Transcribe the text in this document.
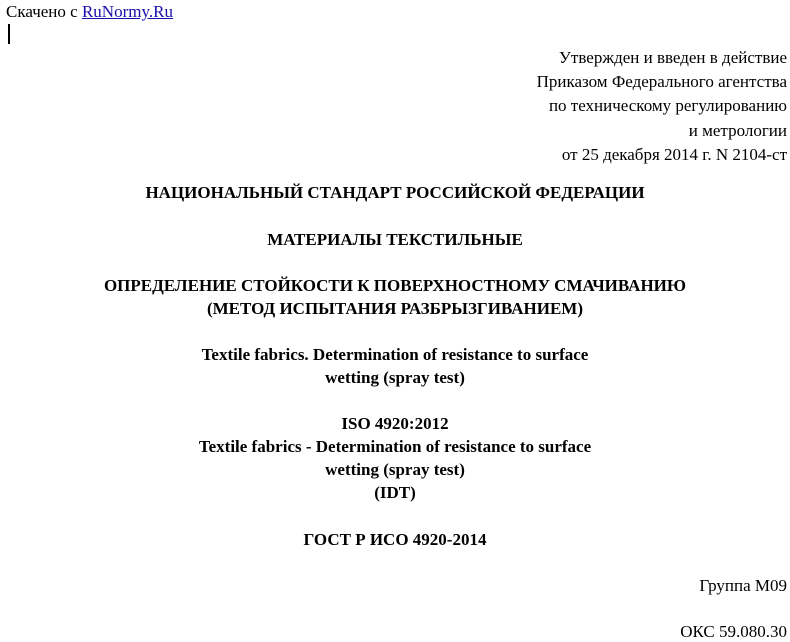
Скачено с RuNormy.Ru
Утвержден и введен в действие
Приказом Федерального агентства
по техническому регулированию
и метрологии
от 25 декабря 2014 г. N 2104-ст
НАЦИОНАЛЬНЫЙ СТАНДАРТ РОССИЙСКОЙ ФЕДЕРАЦИИ
МАТЕРИАЛЫ ТЕКСТИЛЬНЫЕ
ОПРЕДЕЛЕНИЕ СТОЙКОСТИ К ПОВЕРХНОСТНОМУ СМАЧИВАНИЮ
(МЕТОД ИСПЫТАНИЯ РАЗБРЫЗГИВАНИЕМ)
Textile fabrics. Determination of resistance to surface
wetting (spray test)
ISO 4920:2012
Textile fabrics - Determination of resistance to surface
wetting (spray test)
(IDT)
ГОСТ Р ИСО 4920-2014
Группа М09
ОКС 59.080.30
